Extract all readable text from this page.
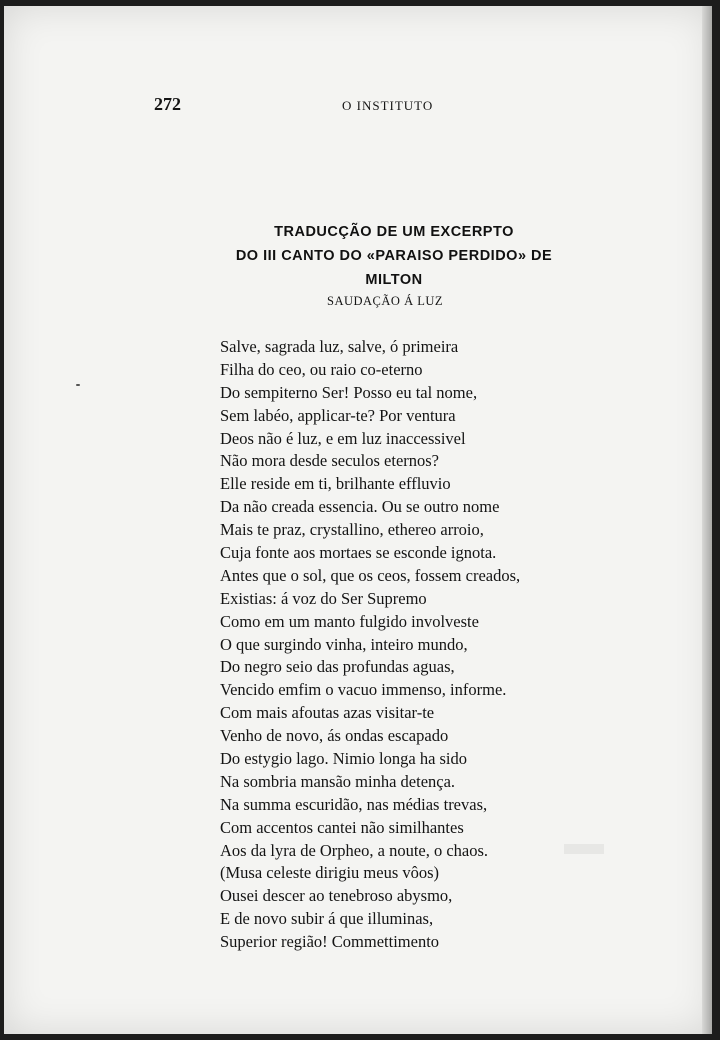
272	O INSTITUTO
TRADUCÇÃO DE UM EXCERPTO
DO III CANTO DO «PARAISO PERDIDO» DE MILTON
SAUDAÇÃO Á LUZ
Salve, sagrada luz, salve, ó primeira
Filha do ceo, ou raio co-eterno
Do sempiterno Ser! Posso eu tal nome,
Sem labéo, applicar-te? Por ventura
Deos não é luz, e em luz inaccessivel
Não mora desde seculos eternos?
Elle reside em ti, brilhante effluvio
Da não creada essencia. Ou se outro nome
Mais te praz, crystallino, ethereo arroio,
Cuja fonte aos mortaes se esconde ignota.
Antes que o sol, que os ceos, fossem creados,
Existias: á voz do Ser Supremo
Como em um manto fulgido involveste
O que surgindo vinha, inteiro mundo,
Do negro seio das profundas aguas,
Vencido emfim o vacuo immenso, informe.
Com mais afoutas azas visitar-te
Venho de novo, ás ondas escapado
Do estygio lago. Nimio longa ha sido
Na sombria mansão minha detença.
Na summa escuridão, nas médias trevas,
Com accentos cantei não similhantes
Aos da lyra de Orpheo, a noute, o chaos.
(Musa celeste dirigiu meus vôos)
Ousei descer ao tenebroso abysmo,
E de novo subir á que illuminas,
Superior região! Commettimento
